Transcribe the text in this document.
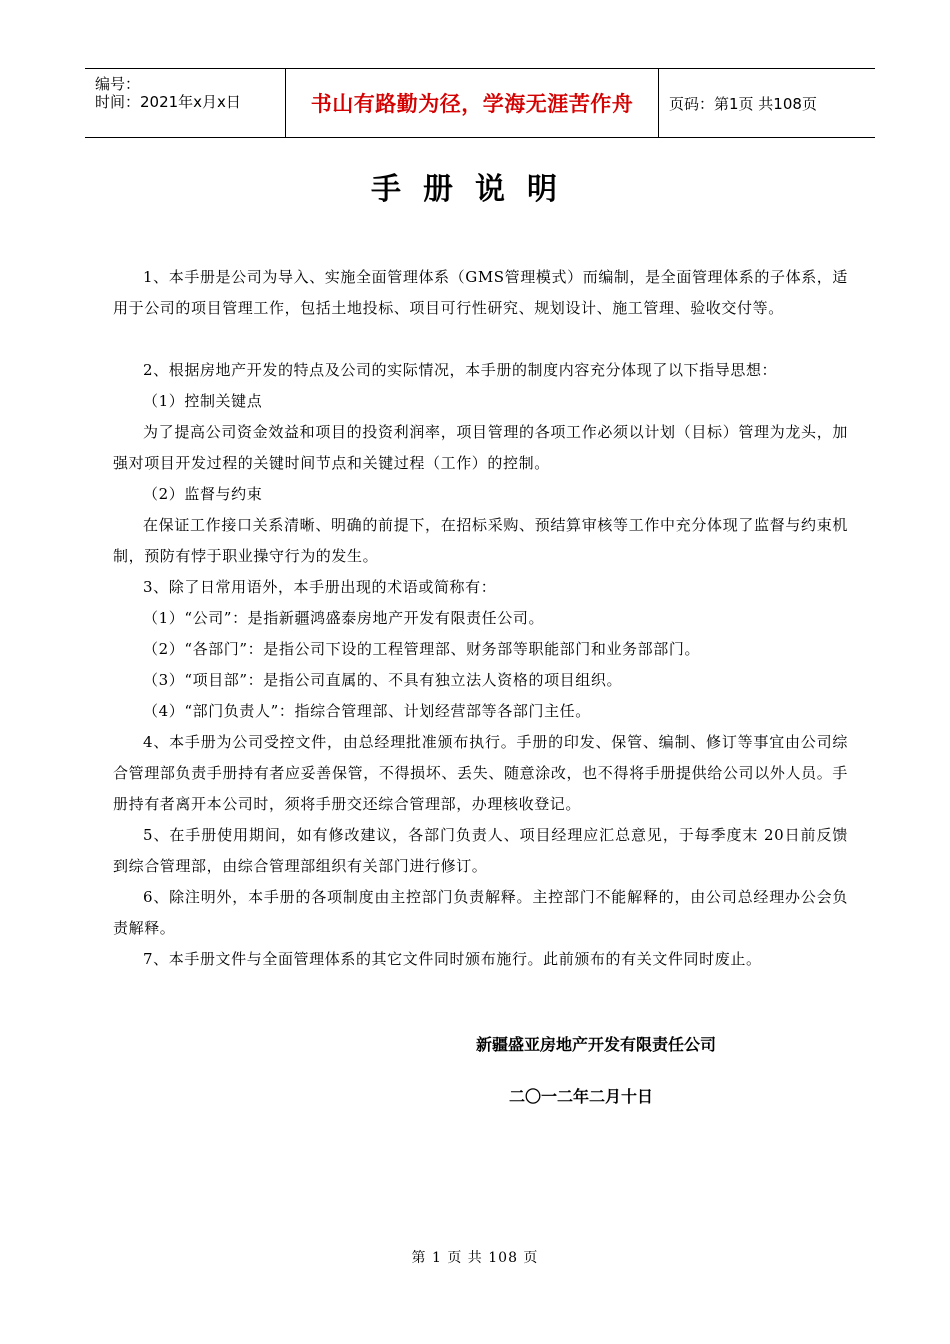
编号：
时间：2021年x月x日	书山有路勤为径，学海无涯苦作舟 页码：第1页 共108页
手册说明

1、本手册是公司为导入、实施全面管理体系（GMS管理模式）而编制，是全面管理体系的子体系，适用于公司的项目管理工作，包括土地投标、项目可行性研究、规划设计、施工管理、验收交付等。

2、根据房地产开发的特点及公司的实际情况，本手册的制度内容充分体现了以下指导思想：

（1）控制关键点

为了提高公司资金效益和项目的投资利润率，项目管理的各项工作必须以计划（目标）管理为龙头，加强对项目开发过程的关键时间节点和关键过程（工作）的控制。

（2）监督与约束

在保证工作接口关系清晰、明确的前提下，在招标采购、预结算审核等工作中充分体现了监督与约束机制，预防有悖于职业操守行为的发生。

3、除了日常用语外，本手册出现的术语或简称有：

（1）“公司”：是指新疆鸿盛泰房地产开发有限责任公司。

（2）“各部门”：是指公司下设的工程管理部、财务部等职能部门和业务部部门。

（3）“项目部”：是指公司直属的、不具有独立法人资格的项目组织。

（4）“部门负责人”：指综合管理部、计划经营部等各部门主任。

4、本手册为公司受控文件，由总经理批准颁布执行。手册的印发、保管、编制、修订等事宜由公司综合管理部负责手册持有者应妥善保管，不得损坏、丢失、随意涂改，也不得将手册提供给公司以外人员。手册持有者离开本公司时，须将手册交还综合管理部，办理核收登记。

5、在手册使用期间，如有修改建议，各部门负责人、项目经理应汇总意见，于每季度末 20日前反馈到综合管理部，由综合管理部组织有关部门进行修订。

6、除注明外，本手册的各项制度由主控部门负责解释。主控部门不能解释的，由公司总经理办公会负责解释。

7、本手册文件与全面管理体系的其它文件同时颁布施行。此前颁布的有关文件同时废止。

新疆盛亚房地产开发有限责任公司
二〇一二年二月十日
第 1 页 共 108 页
